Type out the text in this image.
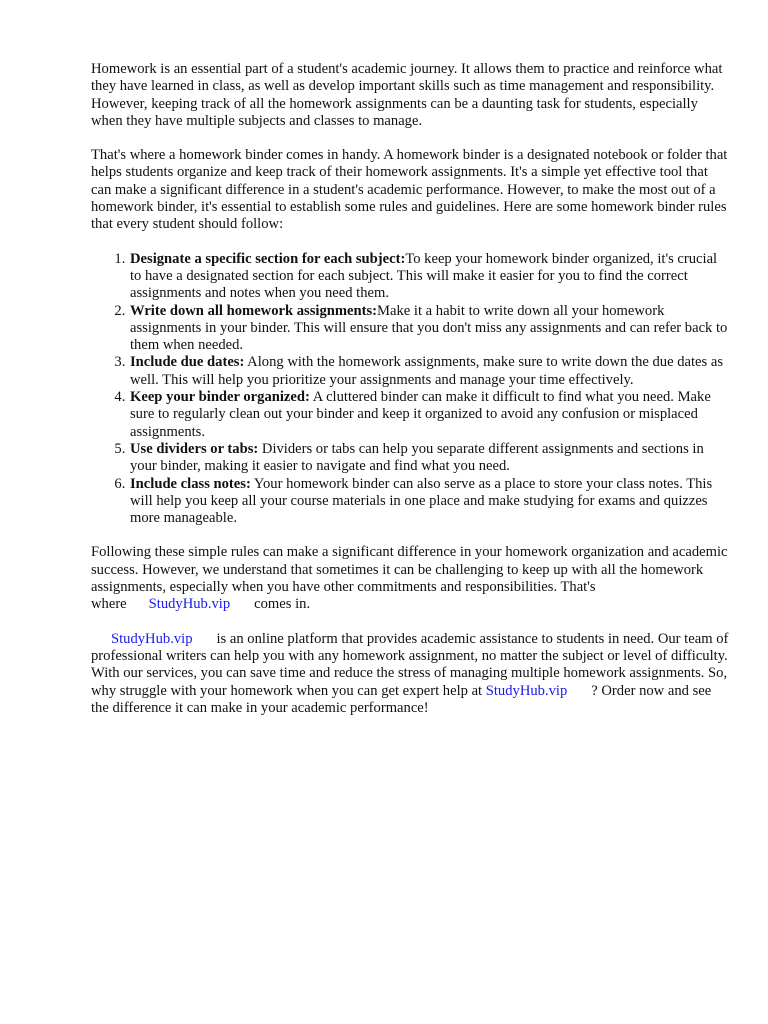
Homework is an essential part of a student's academic journey. It allows them to practice and reinforce what they have learned in class, as well as develop important skills such as time management and responsibility. However, keeping track of all the homework assignments can be a daunting task for students, especially when they have multiple subjects and classes to manage.

That's where a homework binder comes in handy. A homework binder is a designated notebook or folder that helps students organize and keep track of their homework assignments. It's a simple yet effective tool that can make a significant difference in a student's academic performance. However, to make the most out of a homework binder, it's essential to establish some rules and guidelines. Here are some homework binder rules that every student should follow:

1. Designate a specific section for each subject:To keep your homework binder organized, it's crucial to have a designated section for each subject. This will make it easier for you to find the correct assignments and notes when you need them.
2. Write down all homework assignments:Make it a habit to write down all your homework assignments in your binder. This will ensure that you don't miss any assignments and can refer back to them when needed.
3. Include due dates: Along with the homework assignments, make sure to write down the due dates as well. This will help you prioritize your assignments and manage your time effectively.
4. Keep your binder organized: A cluttered binder can make it difficult to find what you need. Make sure to regularly clean out your binder and keep it organized to avoid any confusion or misplaced assignments.
5. Use dividers or tabs: Dividers or tabs can help you separate different assignments and sections in your binder, making it easier to navigate and find what you need.
6. Include class notes: Your homework binder can also serve as a place to store your class notes. This will help you keep all your course materials in one place and make studying for exams and quizzes more manageable.

Following these simple rules can make a significant difference in your homework organization and academic success. However, we understand that sometimes it can be challenging to keep up with all the homework assignments, especially when you have other commitments and responsibilities. That's where StudyHub.vip comes in.

StudyHub.vip is an online platform that provides academic assistance to students in need. Our team of professional writers can help you with any homework assignment, no matter the subject or level of difficulty. With our services, you can save time and reduce the stress of managing multiple homework assignments. So, why struggle with your homework when you can get expert help at StudyHub.vip ? Order now and see the difference it can make in your academic performance!
